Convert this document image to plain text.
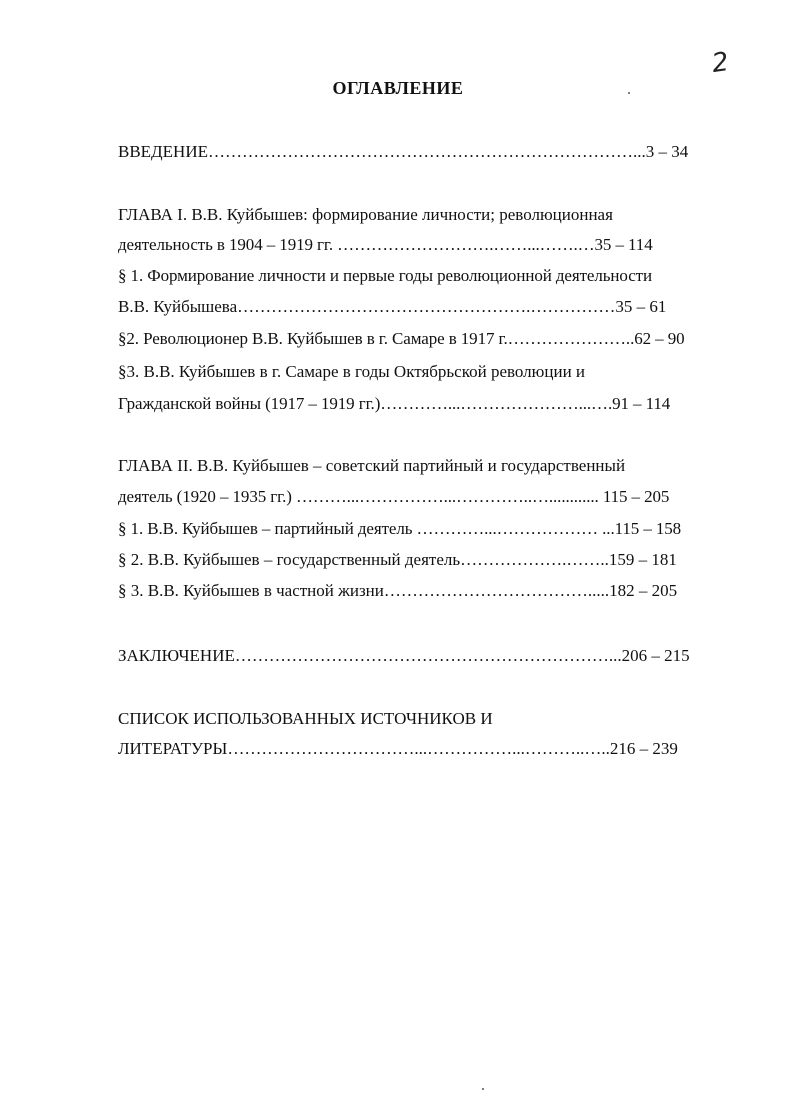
2
ОГЛАВЛЕНИЕ
ВВЕДЕНИЕ…………………………………………………………………...3 – 34
ГЛАВА I. В.В. Куйбышев: формирование личности; революционная
деятельность в 1904 – 1919 гг. ……………………….……...…….…35 – 114
§ 1. Формирование личности и первые годы революционной деятельности
В.В. Куйбышева…………………………………………….……………35 – 61
§2. Революционер В.В. Куйбышев в г. Самаре в 1917 г.…………………..62 – 90
§3. В.В. Куйбышев в г. Самаре в годы Октябрьской революции и
Гражданской войны (1917 – 1919 гг.)…………...…………………...….91 – 114
ГЛАВА II. В.В. Куйбышев – советский партийный и государственный
деятель (1920 – 1935 гг.) ………...……………...…………..…............ 115 – 205
§ 1. В.В. Куйбышев – партийный деятель …………...……………… ...115 – 158
§ 2. В.В. Куйбышев – государственный деятель……………….……..159 – 181
§ 3. В.В. Куйбышев в частной жизни……………………………….....182 – 205
ЗАКЛЮЧЕНИЕ…………………………………………………………...206 – 215
СПИСОК ИСПОЛЬЗОВАННЫХ ИСТОЧНИКОВ И
ЛИТЕРАТУРЫ……………………………...……………...………..…..216 – 239
